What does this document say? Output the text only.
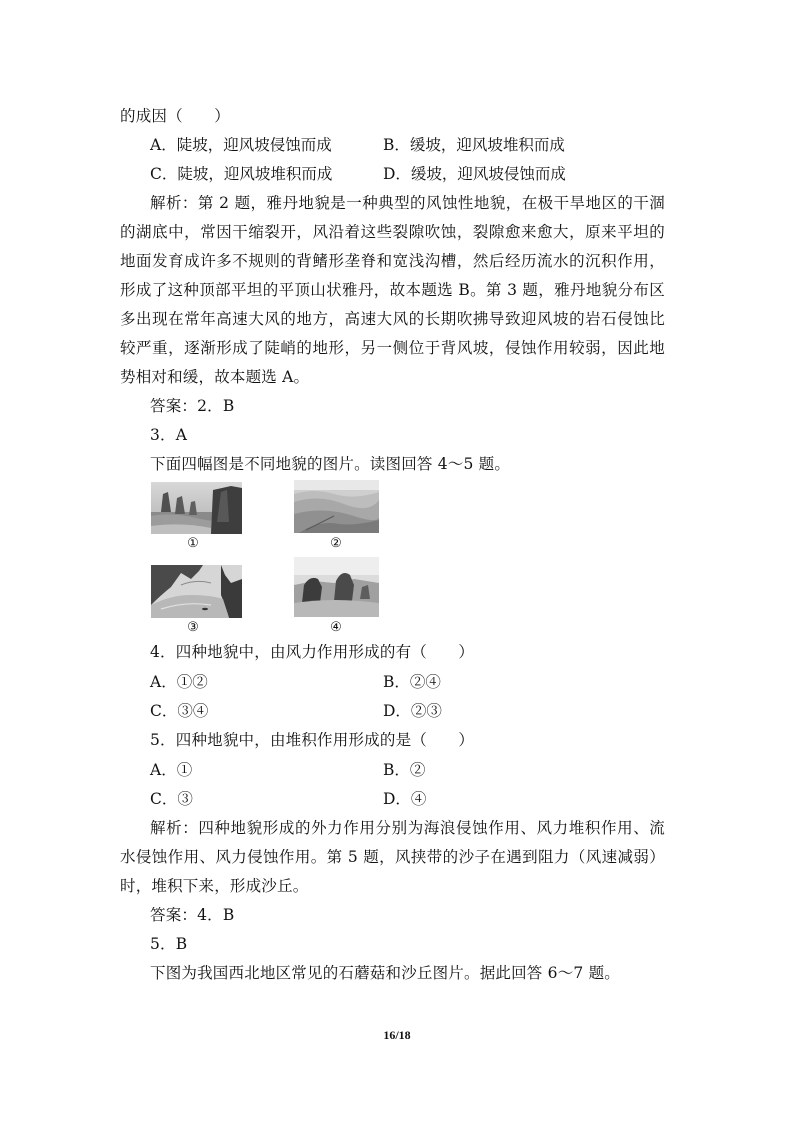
的成因（　　）
A．陡坡，迎风坡侵蚀而成	B．缓坡，迎风坡堆积而成
C．陡坡，迎风坡堆积而成	D．缓坡，迎风坡侵蚀而成
解析：第 2 题，雅丹地貌是一种典型的风蚀性地貌，在极干旱地区的干涸
的湖底中，常因干缩裂开，风沿着这些裂隙吹蚀，裂隙愈来愈大，原来平坦的
地面发育成许多不规则的背鳍形垄脊和宽浅沟槽，然后经历流水的沉积作用，
形成了这种顶部平坦的平顶山状雅丹，故本题选 B。第 3 题，雅丹地貌分布区
多出现在常年高速大风的地方，高速大风的长期吹拂导致迎风坡的岩石侵蚀比
较严重，逐渐形成了陡峭的地形，另一侧位于背风坡，侵蚀作用较弱，因此地
势相对和缓，故本题选 A。
答案：2．B
3．A
下面四幅图是不同地貌的图片。读图回答 4～5 题。
①	②
③	④
4．四种地貌中，由风力作用形成的有（　　）
A．①②	B．②④
C．③④	D．②③
5．四种地貌中，由堆积作用形成的是（　　）
A．①	B．②
C．③	D．④
解析：四种地貌形成的外力作用分别为海浪侵蚀作用、风力堆积作用、流
水侵蚀作用、风力侵蚀作用。第 5 题，风挟带的沙子在遇到阻力（风速减弱）
时，堆积下来，形成沙丘。
答案：4．B
5．B
下图为我国西北地区常见的石蘑菇和沙丘图片。据此回答 6～7 题。
16/18
